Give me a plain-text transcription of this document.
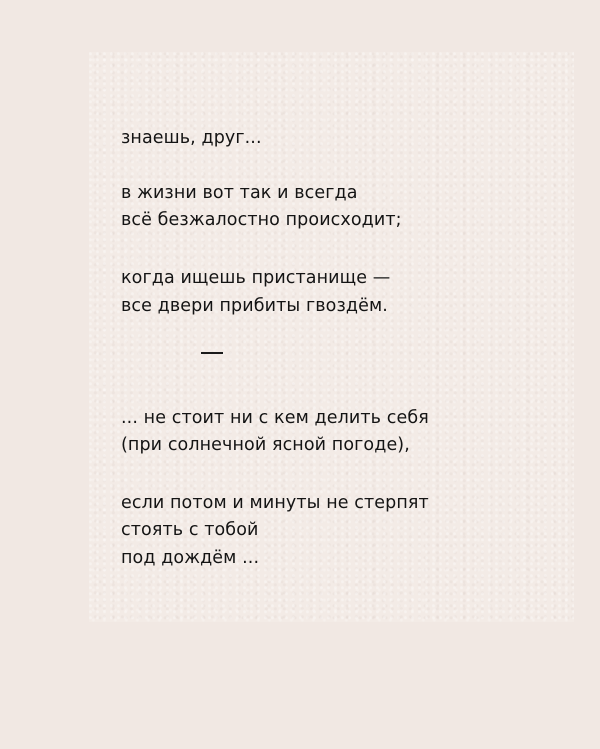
знаешь, друг...

в жизни вот так и всегда

всё безжалостно происходит;

когда ищешь пристанище —

все двери прибиты гвоздём.

... не стоит ни с кем делить себя

(при солнечной ясной погоде),

если потом и минуты не стерпят

стоять с тобой

под дождём ...
